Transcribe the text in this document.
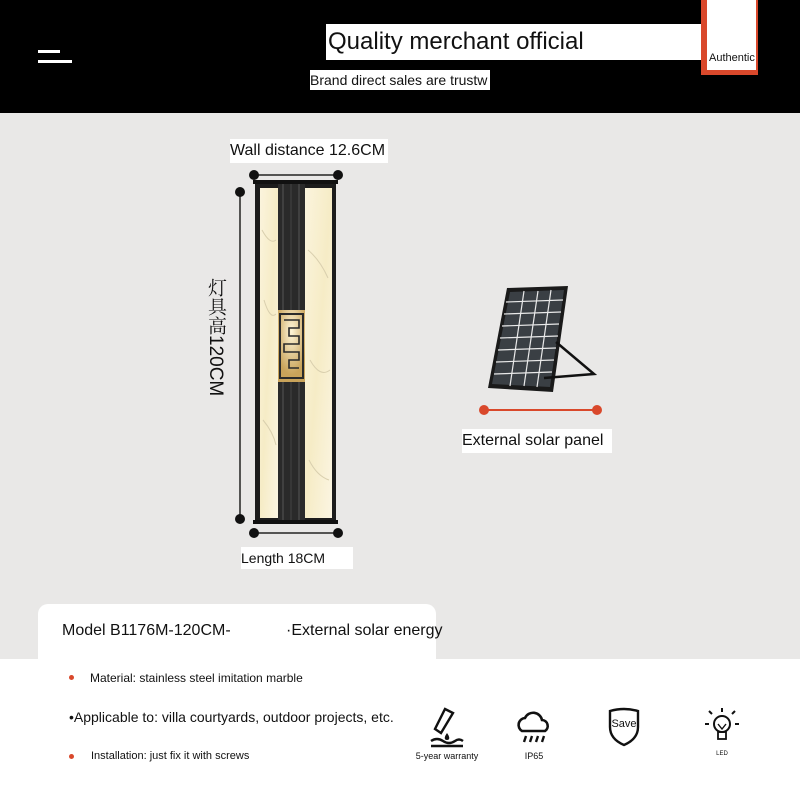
Quality merchant official
Brand direct sales are trustw
Authentic
Wall distance 12.6CM
灯具高120CM
Length 18CM
External solar panel
Model B1176M-120CM-	·External solar energy
Material: stainless steel imitation marble
•Applicable to: villa courtyards, outdoor projects, etc.
Installation: just fix it with screws	5-year warranty	IP65
Save
LED
